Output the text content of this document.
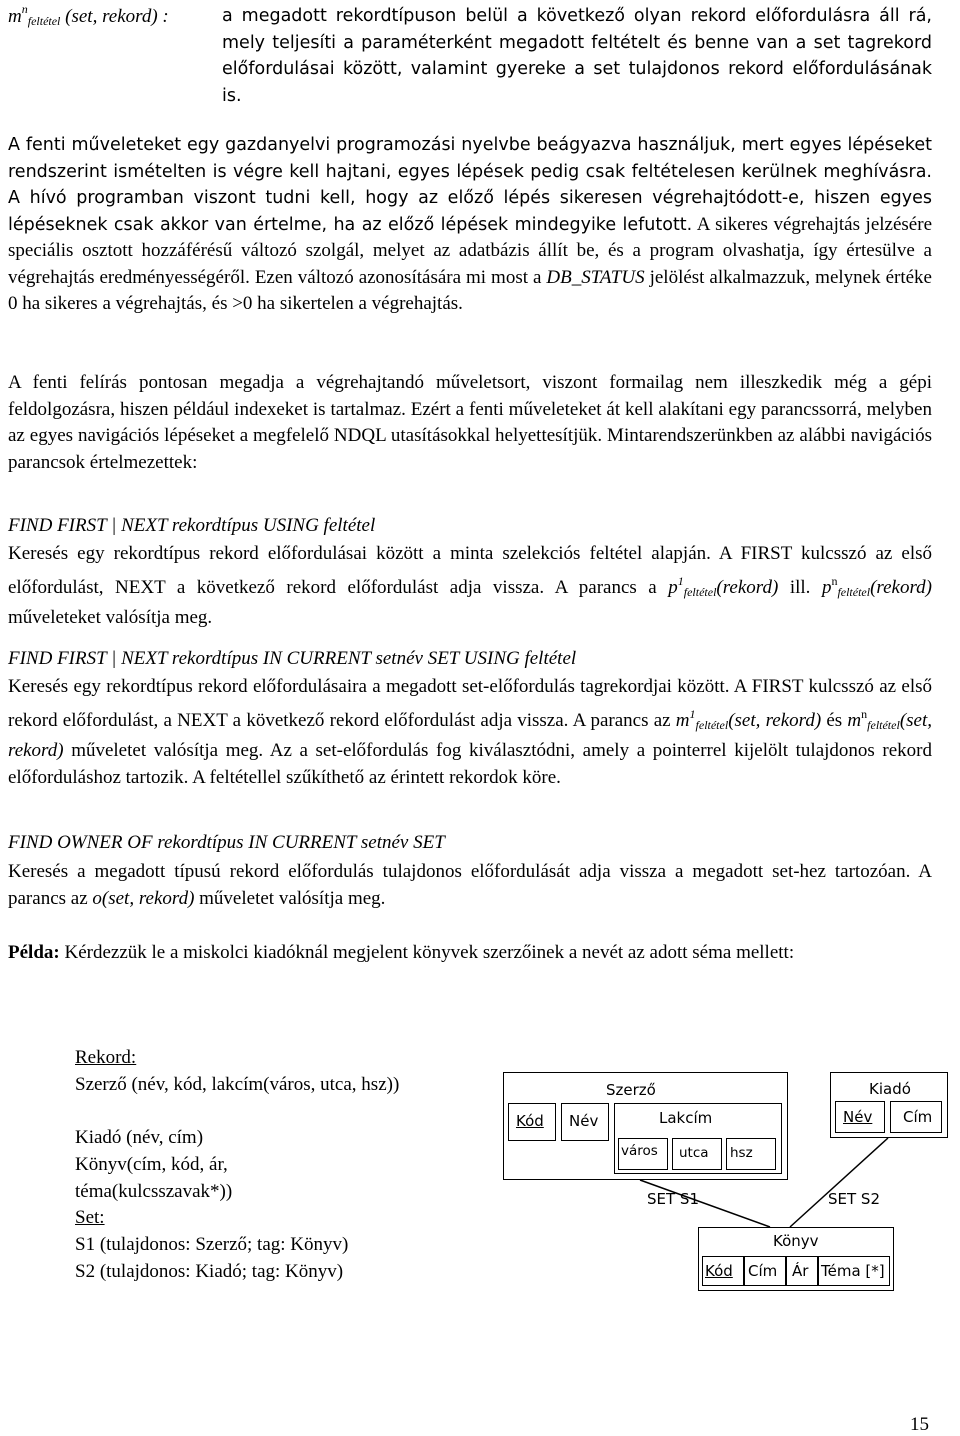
$m^n_{feltétel}$ (set, rekord) :	a megadott rekordtípuson belül a következő olyan rekord előfordulásra áll rá, mely teljesíti a paraméterként megadott feltételt és benne van a set tagrekord előfordulásai között, valamint gyereke a set tulajdonos rekord előfordulásának is.
A fenti műveleteket egy gazdanyelvi programozási nyelvbe beágyazva használjuk, mert egyes lépéseket rendszerint ismételten is végre kell hajtani, egyes lépések pedig csak feltételesen kerülnek meghívásra. A hívó programban viszont tudni kell, hogy az előző lépés sikeresen végrehajtódott-e, hiszen egyes lépéseknek csak akkor van értelme, ha az előző lépések mindegyike lefutott. A sikeres végrehajtás jelzésére speciális osztott hozzáférésű változó szolgál, melyet az adatbázis állít be, és a program olvashatja, így értesülve a végrehajtás eredményességéről. Ezen változó azonosítására mi most a DB_STATUS jelölést alkalmazzuk, melynek értéke 0 ha sikeres a végrehajtás, és >0 ha sikertelen a végrehajtás.
A fenti felírás pontosan megadja a végrehajtandó műveletsort, viszont formailag nem illeszkedik még a gépi feldolgozásra, hiszen például indexeket is tartalmaz. Ezért a fenti műveleteket át kell alakítani egy parancssorrá, melyben az egyes navigációs lépéseket a megfelelő NDQL utasításokkal helyettesítjük. Mintarendszerünkben az alábbi navigációs parancsok értelmezettek:
FIND FIRST | NEXT rekordtípus USING feltétel
Keresés egy rekordtípus rekord előfordulásai között a minta szelekciós feltétel alapján. A FIRST kulcsszó az első előfordulást, NEXT a következő rekord előfordulást adja vissza. A parancs a $p^1_{feltétel}(rekord)$ ill. $p^n_{feltétel}(rekord)$ műveleteket valósítja meg.
FIND FIRST | NEXT rekordtípus IN CURRENT setnév SET USING feltétel
Keresés egy rekordtípus rekord előfordulásaira a megadott set-előfordulás tagrekordjai között. A FIRST kulcsszó az első rekord előfordulást, a NEXT a következő rekord előfordulást adja vissza. A parancs az $m^1_{feltétel}(set$, rekord) és $m^n_{feltétel}(set$, rekord) műveletet valósítja meg. Az a set-előfordulás fog kiválasztódni, amely a pointerrel kijelölt tulajdonos rekord előforduláshoz tartozik. A feltétellel szűkíthető az érintett rekordok köre.
FIND OWNER OF rekordtípus IN CURRENT setnév SET
Keresés a megadott típusú rekord előfordulás tulajdonos előfordulását adja vissza a megadott set-hez tartozóan. A parancs az o(set, rekord) műveletet valósítja meg.
Példa: Kérdezzük le a miskolci kiadóknál megjelent könyvek szerzőinek a nevét az adott séma mellett:
Rekord:
Szerző (név, kód, lakcím(város, utca, hsz))
Kiadó (név, cím)
Könyv(cím, kód, ár, téma(kulcsszavak*))
Set:
S1 (tulajdonos: Szerző; tag: Könyv)
S2 (tulajdonos: Kiadó; tag: Könyv)
Szerző
Kód Név	Lakcím
város utca hsz
Kiadó
Név Cím
SET S1	SET S2
Könyv
Kód Cím Ár Téma [*]
15
